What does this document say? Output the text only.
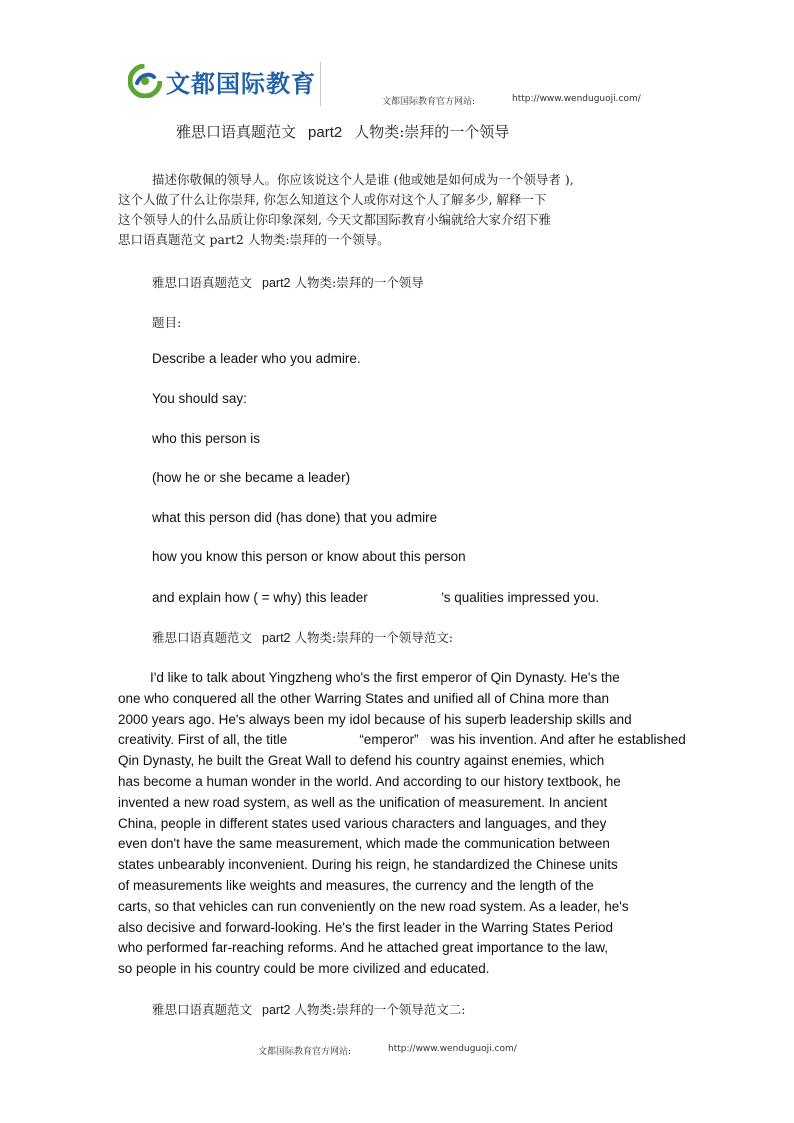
文都国际教育
文都国际教育官方网站:	http://www.wenduguoji.com/
雅思口语真题范文 part2 人物类:崇拜的一个领导
描述你敬佩的领导人。你应该说这个人是谁 (他或她是如何成为一个领导者 ),
这个人做了什么让你崇拜, 你怎么知道这个人或你对这个人了解多少, 解释一下
这个领导人的什么品质让你印象深刻, 今天文都国际教育小编就给大家介绍下雅
思口语真题范文 part2 人物类:崇拜的一个领导。
雅思口语真题范文 part2 人物类:崇拜的一个领导
题目:
Describe a leader who you admire.
You should say:
who this person is
(how he or she became a leader)
what this person did (has done) that you admire
how you know this person or know about this person
and explain how ( = why) this leader	’s qualities impressed you.
雅思口语真题范文 part2 人物类:崇拜的一个领导范文:
I'd like to talk about Yingzheng who's the first emperor of Qin Dynasty. He's the
one who conquered all the other Warring States and unified all of China more than
2000 years ago. He's always been my idol because of his superb leadership skills and
creativity. First of all, the title	“emperor” was his invention. And after he established
Qin Dynasty, he built the Great Wall to defend his country against enemies, which
has become a human wonder in the world. And according to our history textbook, he
invented a new road system, as well as the unification of measurement. In ancient
China, people in different states used various characters and languages, and they
even don't have the same measurement, which made the communication between
states unbearably inconvenient. During his reign, he standardized the Chinese units
of measurements like weights and measures, the currency and the length of the
carts, so that vehicles can run conveniently on the new road system. As a leader, he's
also decisive and forward-looking. He's the first leader in the Warring States Period
who performed far-reaching reforms. And he attached great importance to the law,
so people in his country could be more civilized and educated.
雅思口语真题范文 part2 人物类:崇拜的一个领导范文二:
文都国际教育官方网站:	http://www.wenduguoji.com/
